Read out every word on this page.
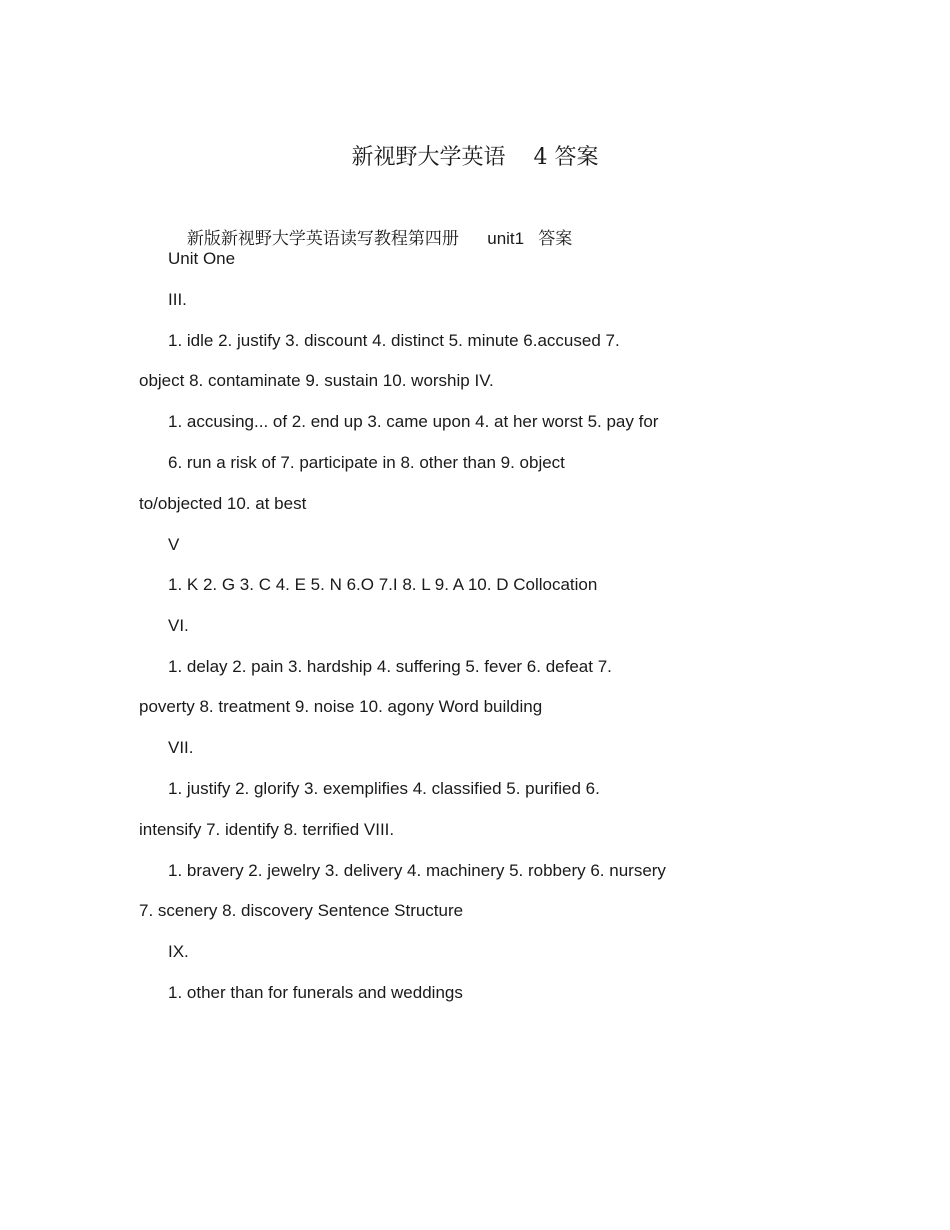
新视野大学英语    4 答案

新版新视野大学英语读写教程第四册 unit1   答案

Unit One
III.
1. idle 2. justify 3. discount 4. distinct 5. minute 6.accused 7.
object 8. contaminate 9. sustain 10. worship IV.
1. accusing... of 2. end up 3. came upon 4. at her worst 5. pay for
6. run a risk of 7. participate in 8. other than 9. object
to/objected 10. at best
V
1. K 2. G 3. C 4. E 5. N 6.O 7.I 8. L 9. A 10. D Collocation
VI.
1. delay 2. pain 3. hardship 4. suffering 5. fever 6. defeat 7.
poverty 8. treatment 9. noise 10. agony Word building
VII.
1. justify 2. glorify 3. exemplifies 4. classified 5. purified 6.
intensify 7. identify 8. terrified VIII.
1. bravery 2. jewelry 3. delivery 4. machinery 5. robbery 6. nursery
7. scenery 8. discovery Sentence Structure
IX.
1. other than for funerals and weddings
